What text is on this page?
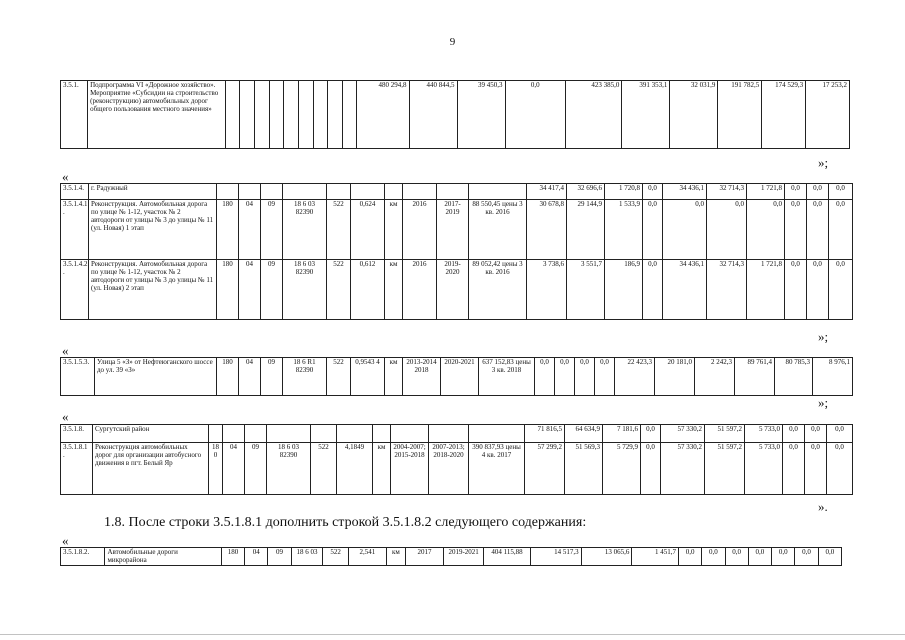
9
3.5.1.	Подпрограмма VI «Дорожное хозяйство». Мероприятие «Субсидии на строительство (реконструкцию) автомобильных дорог общего пользования местного значения»										480 294,8	440 844,5	39 450,3	0,0	423 385,0	391 353,1	32 031,9	191 782,5	174 529,3	17 253,2
»;
«
3.5.1.4.	г. Радужный											34 417,4	32 696,6	1 720,8	0,0	34 436,1	32 714,3	1 721,8	0,0	0,0	0,0
3.5.1.4.1 .	Реконструкция. Автомобильная дорога по улице № 1-12, участок № 2 автодороги от улицы № 3 до улицы № 11 (ул. Новая) 1 этап	180	04	09	18 6 03 82390	522	0,624	км	2016	2017-2019	88 550,45 цены 3 кв. 2016	30 678,8	29 144,9	1 533,9	0,0	0,0	0,0	0,0	0,0	0,0	0,0
3.5.1.4.2 .	Реконструкция. Автомобильная дорога по улице № 1-12, участок № 2 автодороги от улицы № 3 до улицы № 11 (ул. Новая) 2 этап	180	04	09	18 6 03 82390	522	0,612	км	2016	2019-2020	89 052,42 цены 3 кв. 2016	3 738,6	3 551,7	186,9	0,0	34 436,1	32 714,3	1 721,8	0,0	0,0	0,0
»;
«
3.5.1.5.3.	Улица 5 «З» от Нефтеюганского шоссе до ул. 39 «З»	180	04	09	18 6 R1 82390	522	0,9543 4	км	2013-2014 2018	2020-2021	637 152,83 цены 3 кв. 2018	0,0	0,0	0,0	0,0	22 423,3	20 181,0	2 242,3	89 761,4	80 785,3	8 976,1
»;
«
3.5.1.8.	Сургутский район											71 816,5	64 634,9	7 181,6	0,0	57 330,2	51 597,2	5 733,0	0,0	0,0	0,0
3.5.1.8.1 .	Реконструкция автомобильных дорог для организации автобусного движения в пгт. Белый Яр	18 0	04	09	18 6 03 82390	522	4,1849	км	2004-2007; 2015-2018	2007-2013; 2018-2020	390 837,93 цены 4 кв. 2017	57 299,2	51 569,3	5 729,9	0,0	57 330,2	51 597,2	5 733,0	0,0	0,0	0,0
».
1.8. После строки 3.5.1.8.1 дополнить строкой 3.5.1.8.2 следующего содержания:
«
3.5.1.8.2.	Автомобильные дороги микрорайона	180	04	09	18 6 03	522	2,541	км	2017	2019-2021	404 115,88	14 517,3	13 065,6	1 451,7	0,0	0,0	0,0	0,0	0,0	0,0	0,0
